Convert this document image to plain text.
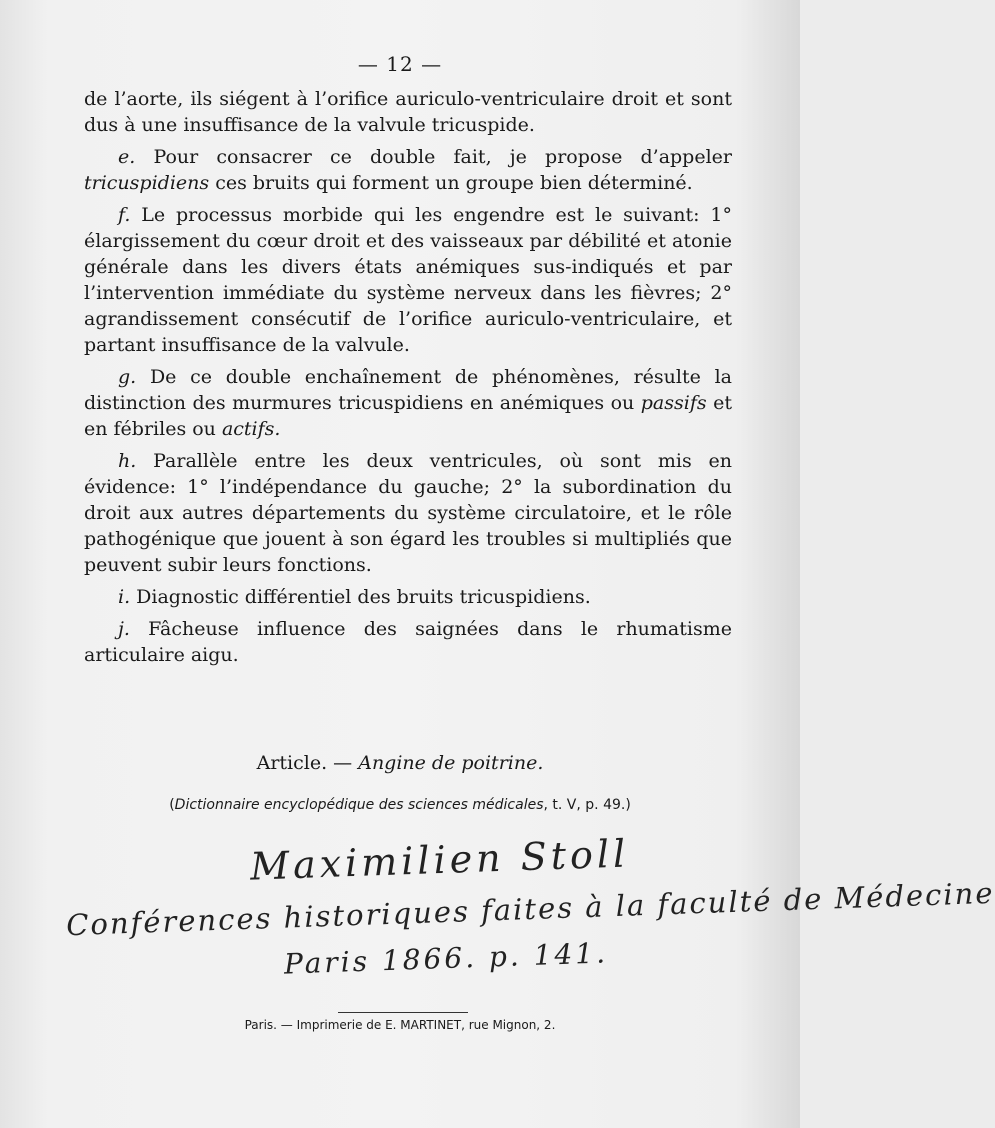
— 12 —

de l’aorte, ils siégent à l’orifice auriculo-ventriculaire droit et sont dus à une insuffisance de la valvule tricuspide.

e. Pour consacrer ce double fait, je propose d’appeler tricuspidiens ces bruits qui forment un groupe bien déterminé.

f. Le processus morbide qui les engendre est le suivant: 1° élargissement du cœur droit et des vaisseaux par débilité et atonie générale dans les divers états anémiques sus-indiqués et par l’intervention immédiate du système nerveux dans les fièvres; 2° agrandissement consécutif de l’orifice auriculo-ventriculaire, et partant insuffisance de la valvule.

g. De ce double enchaînement de phénomènes, résulte la distinction des murmures tricuspidiens en anémiques ou passifs et en fébriles ou actifs.

h. Parallèle entre les deux ventricules, où sont mis en évidence: 1° l’indépendance du gauche; 2° la subordination du droit aux autres départements du système circulatoire, et le rôle pathogénique que jouent à son égard les troubles si multipliés que peuvent subir leurs fonctions.

i. Diagnostic différentiel des bruits tricuspidiens.

j. Fâcheuse influence des saignées dans le rhumatisme articulaire aigu.

Article. — Angine de poitrine.
(Dictionnaire encyclopédique des sciences médicales, t. V, p. 49.)
Maximilien Stoll
Conférences historiques faites à la faculté de Médecine
Paris 1866. p. 141.
Paris. — Imprimerie de E. MARTINET, rue Mignon, 2.
